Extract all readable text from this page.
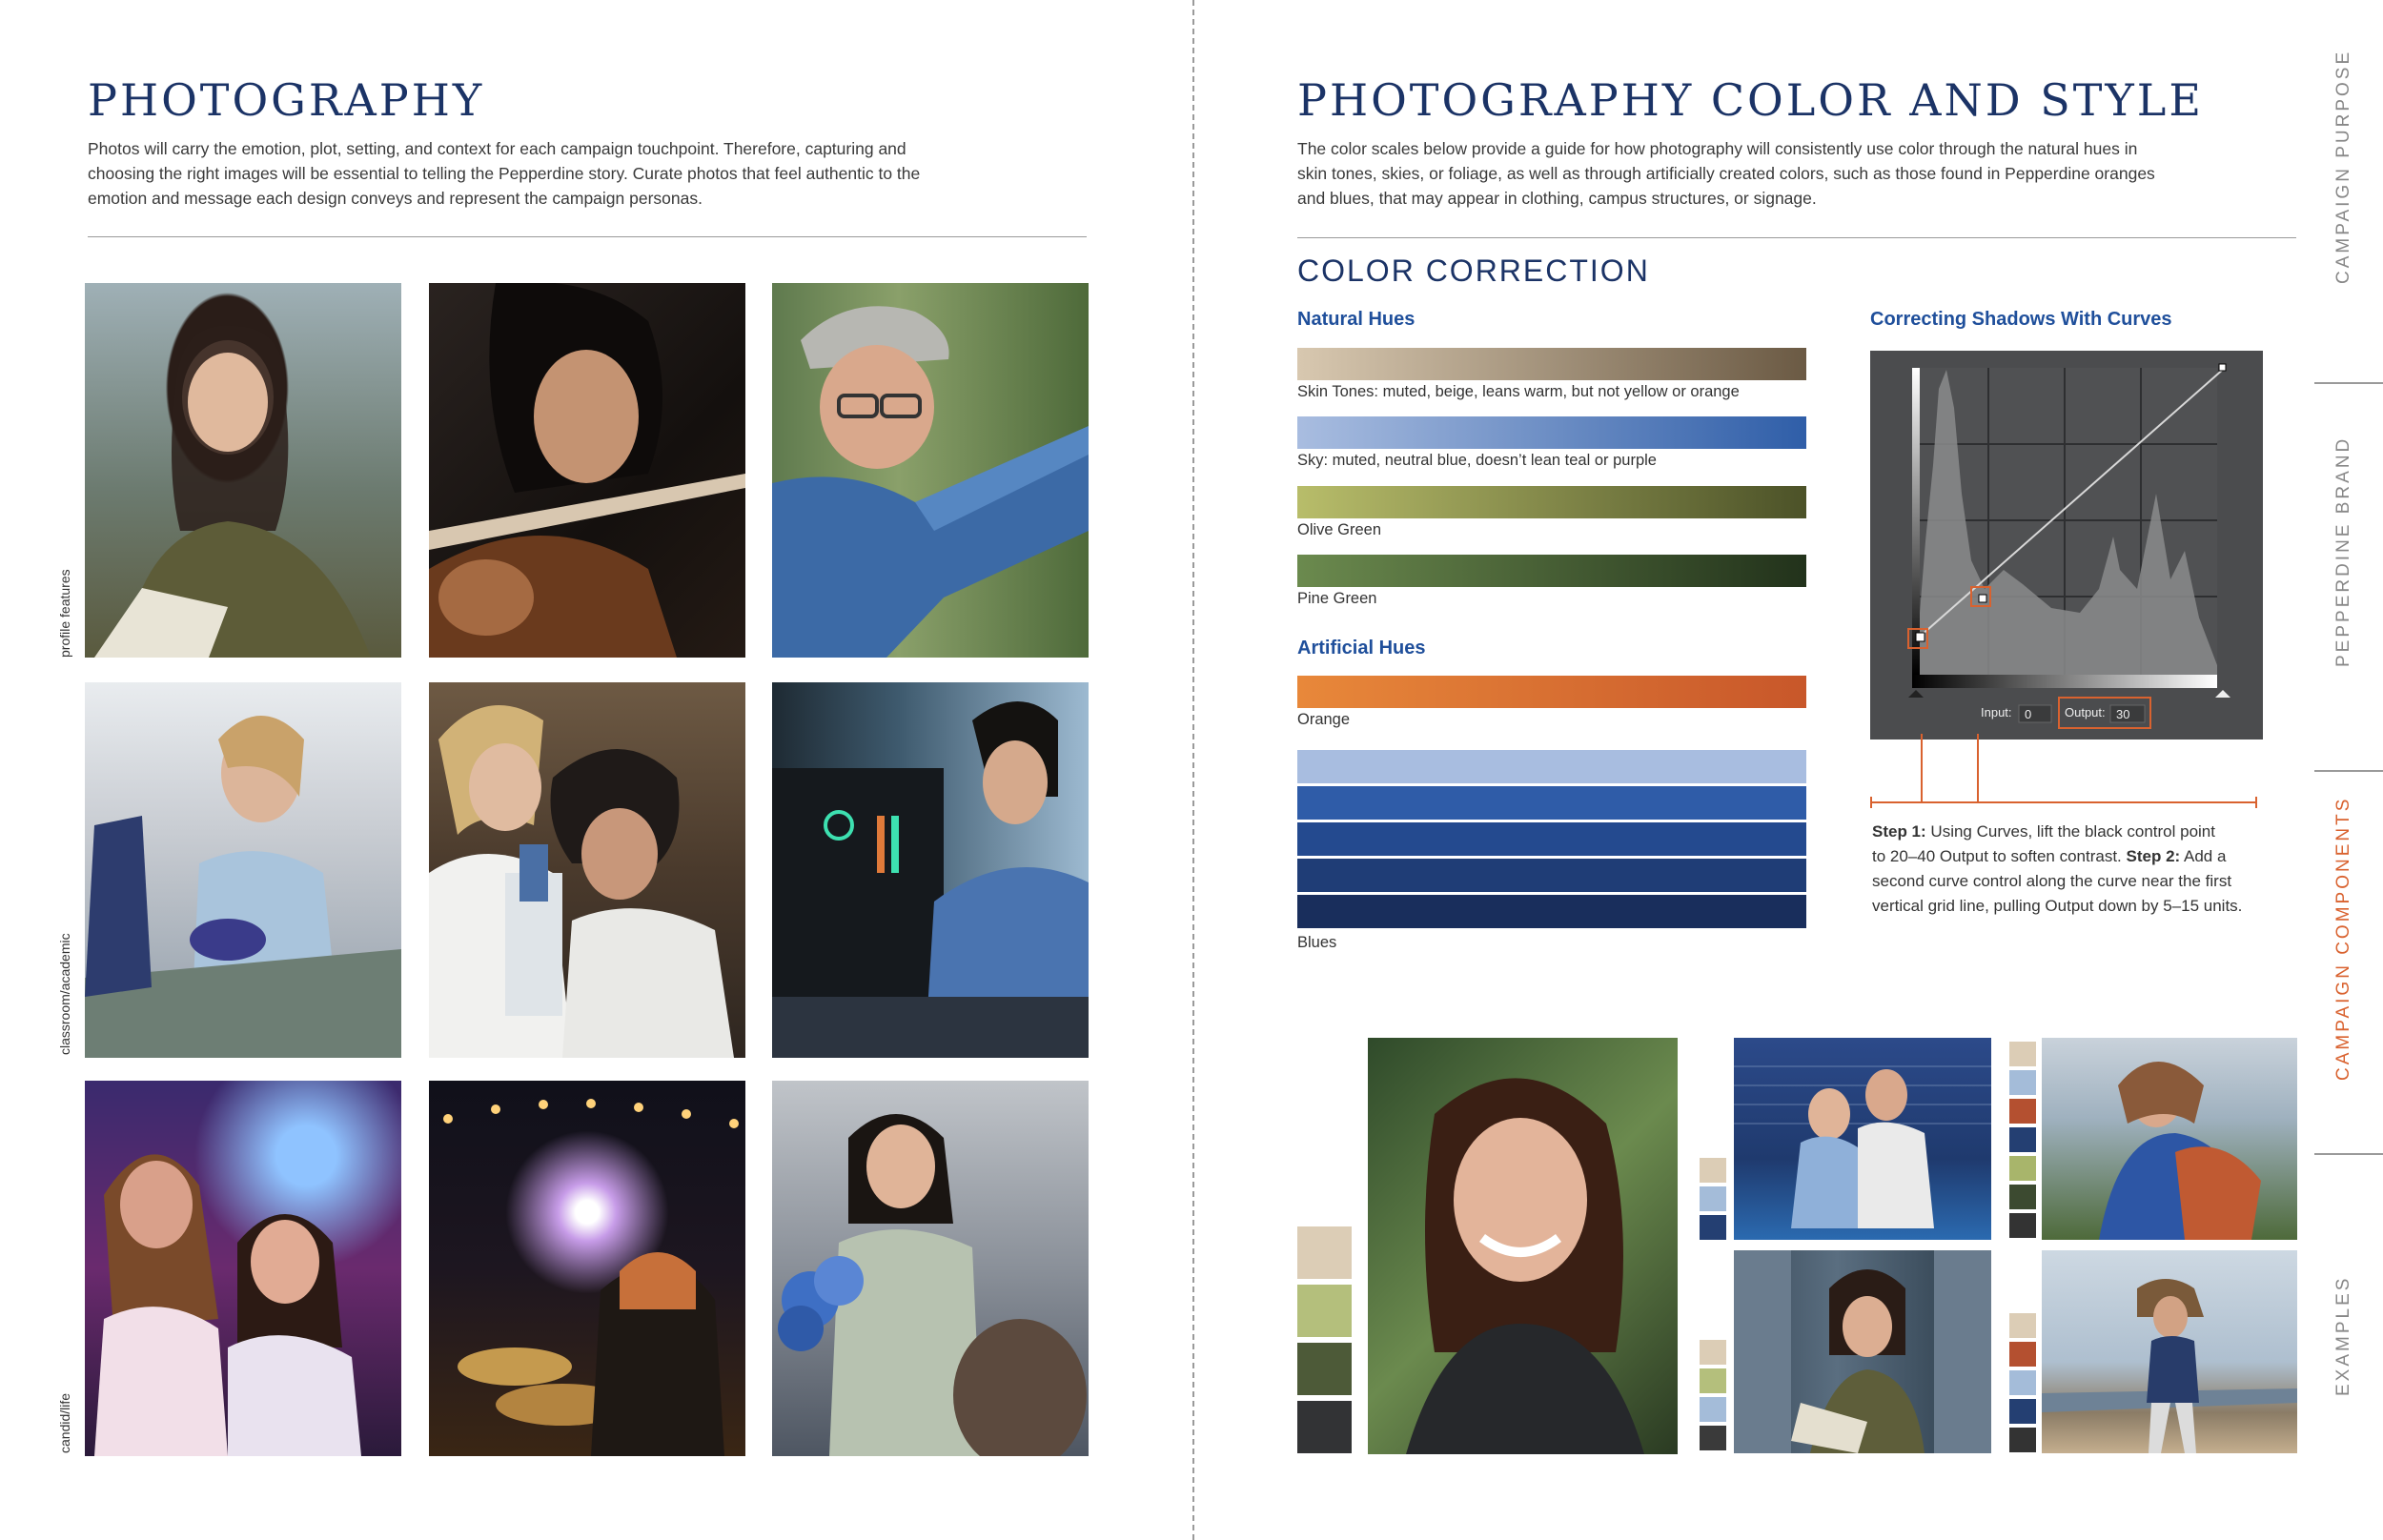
PHOTOGRAPHY
Photos will carry the emotion, plot, setting, and context for each campaign touchpoint. Therefore, capturing and
choosing the right images will be essential to telling the Pepperdine story. Curate photos that feel authentic to the
emotion and message each design conveys and represent the campaign personas.
profile features
classroom/academic
candid/life
PHOTOGRAPHY COLOR AND STYLE
The color scales below provide a guide for how photography will consistently use color through the natural hues in
skin tones, skies, or foliage, as well as through artificially created colors, such as those found in Pepperdine oranges
and blues, that may appear in clothing, campus structures, or signage.
COLOR CORRECTION
Natural Hues
Skin Tones: muted, beige, leans warm, but not yellow or orange
Sky: muted, neutral blue, doesn’t lean teal or purple
Olive Green
Pine Green
Artificial Hues
Orange
Blues
Correcting Shadows With Curves
Input: 0	Output: 30
Step 1: Using Curves, lift the black control point
to 20–40 Output to soften contrast. Step 2: Add a
second curve control along the curve near the first
vertical grid line, pulling Output down by 5–15 units.
CAMPAIGN PURPOSE
PEPPERDINE BRAND
CAMPAIGN COMPONENTS
EXAMPLES
